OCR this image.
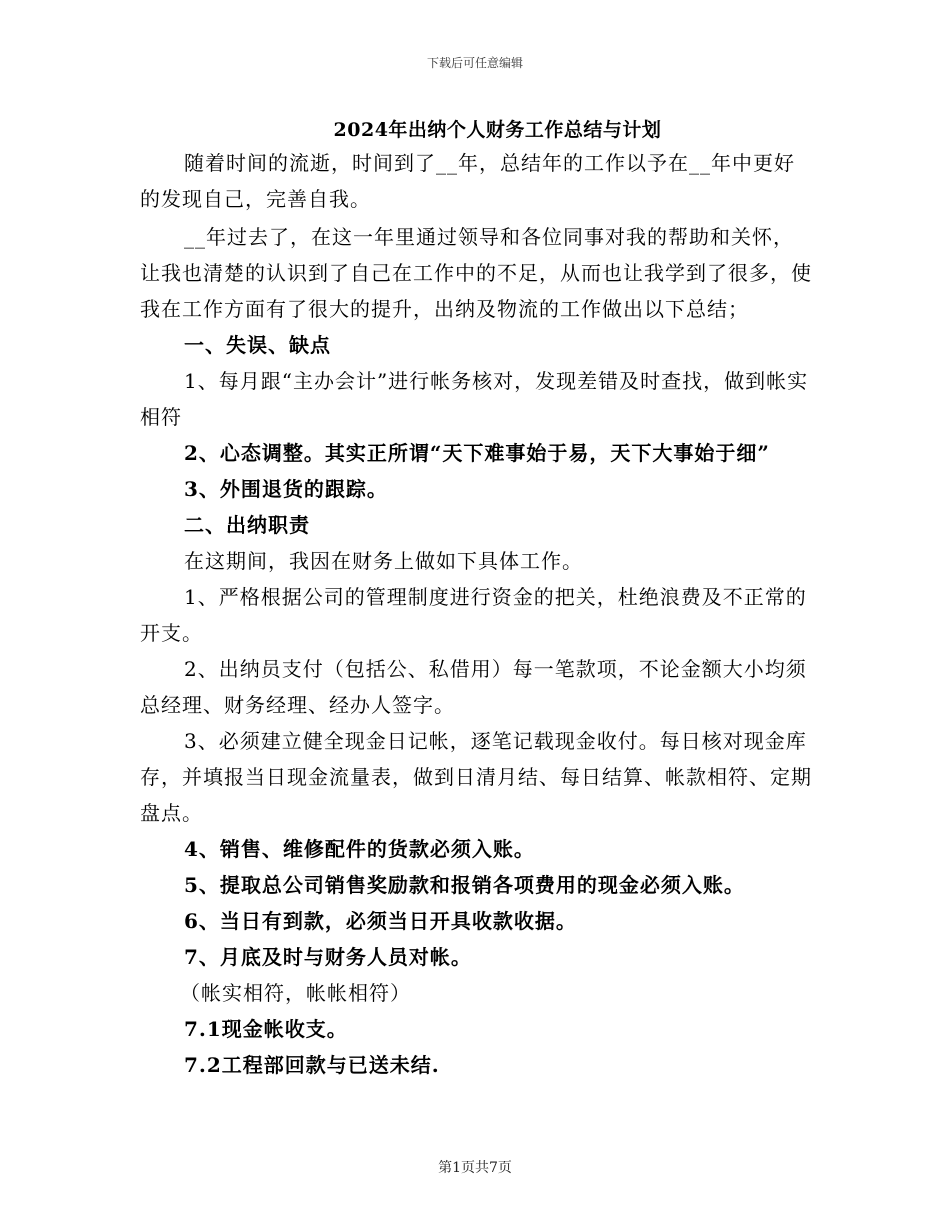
下载后可任意编辑
2024年出纳个人财务工作总结与计划

随着时间的流逝，时间到了__年，总结年的工作以予在__年中更好的发现自己，完善自我。

__年过去了，在这一年里通过领导和各位同事对我的帮助和关怀，让我也清楚的认识到了自己在工作中的不足，从而也让我学到了很多，使我在工作方面有了很大的提升，出纳及物流的工作做出以下总结；

一、失误、缺点

1、每月跟“主办会计”进行帐务核对，发现差错及时查找，做到帐实相符

2、心态调整。其实正所谓“天下难事始于易，天下大事始于细”

3、外围退货的跟踪。

二、出纳职责

在这期间，我因在财务上做如下具体工作。

1、严格根据公司的管理制度进行资金的把关，杜绝浪费及不正常的开支。

2、出纳员支付（包括公、私借用）每一笔款项，不论金额大小均须总经理、财务经理、经办人签字。

3、必须建立健全现金日记帐，逐笔记载现金收付。每日核对现金库存，并填报当日现金流量表，做到日清月结、每日结算、帐款相符、定期盘点。

4、销售、维修配件的货款必须入账。

5、提取总公司销售奖励款和报销各项费用的现金必须入账。

6、当日有到款，必须当日开具收款收据。

7、月底及时与财务人员对帐。

（帐实相符，帐帐相符）

7.1现金帐收支。

7.2工程部回款与已送未结.

第1页共7页
